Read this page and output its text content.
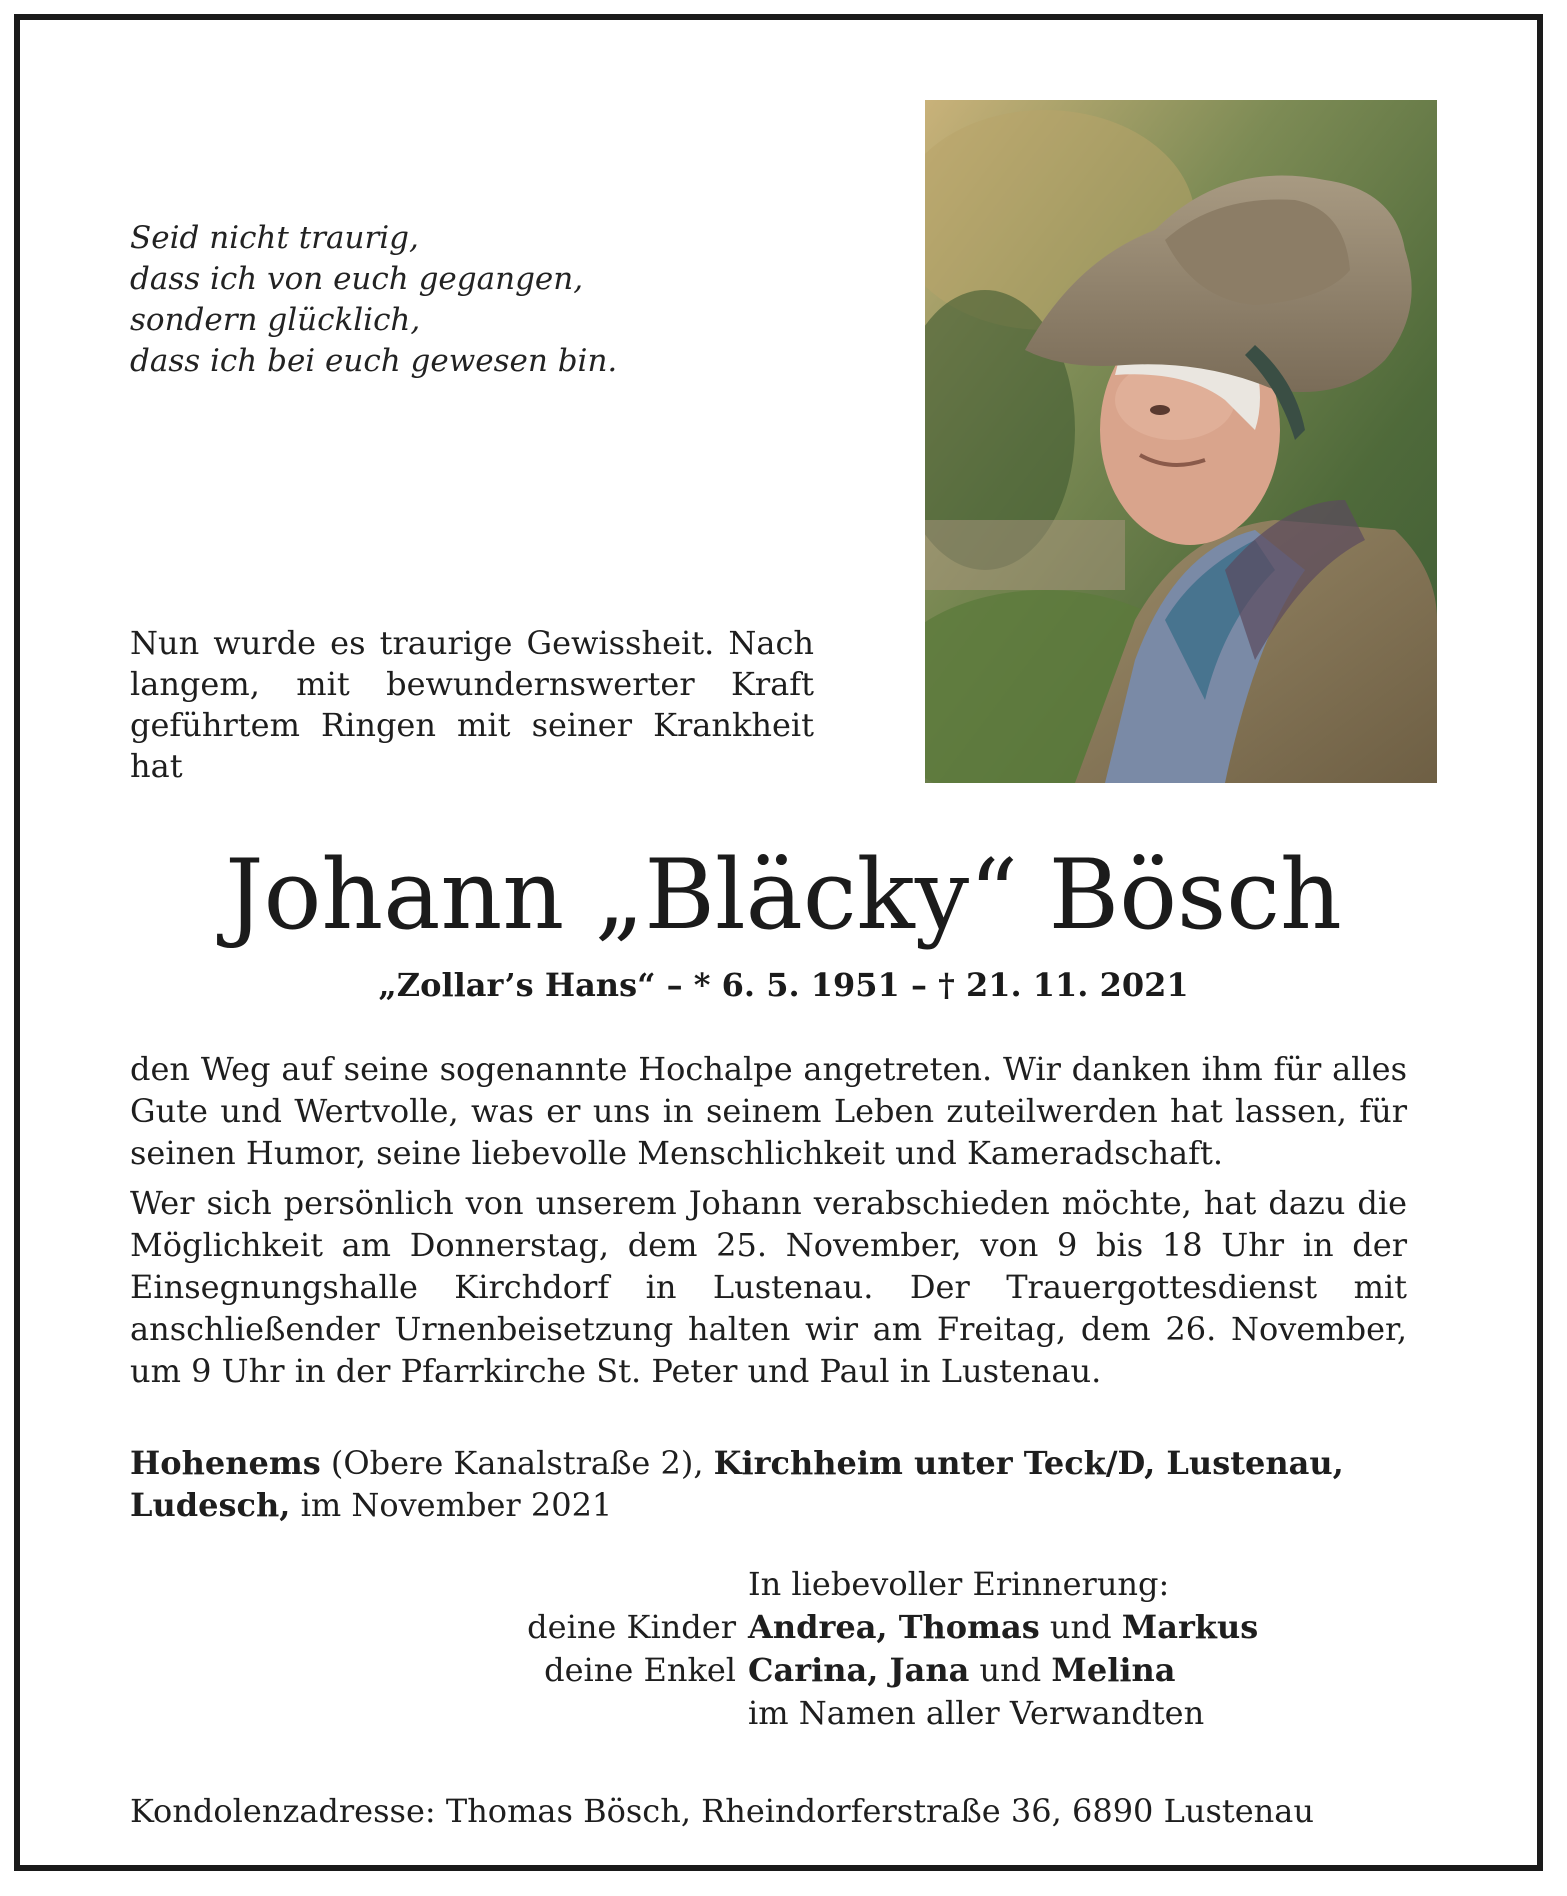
Seid nicht traurig,
dass ich von euch gegangen,
sondern glücklich,
dass ich bei euch gewesen bin.
Nun wurde es traurige Gewissheit. Nach langem, mit bewundernswerter Kraft geführtem Ringen mit seiner Krankheit hat
Johann „Bläcky“ Bösch
„Zollar’s Hans“ – * 6. 5. 1951 – † 21. 11. 2021

den Weg auf seine sogenannte Hochalpe angetreten. Wir danken ihm für alles Gute und Wertvolle, was er uns in seinem Leben zuteilwerden hat lassen, für seinen Humor, seine liebevolle Menschlichkeit und Kameradschaft.

Wer sich persönlich von unserem Johann verabschieden möchte, hat dazu die Möglichkeit am Donnerstag, dem 25. November, von 9 bis 18 Uhr in der Einsegnungshalle Kirchdorf in Lustenau. Der Trauergottesdienst mit anschließender Urnenbeisetzung halten wir am Freitag, dem 26. November, um 9 Uhr in der Pfarrkirche St. Peter und Paul in Lustenau.

Hohenems (Obere Kanalstraße 2), Kirchheim unter Teck/D, Lustenau, Ludesch, im November 2021
In liebevoller Erinnerung:
deine Kinder Andrea, Thomas und Markus
deine Enkel Carina, Jana und Melina
im Namen aller Verwandten
Kondolenzadresse: Thomas Bösch, Rheindorferstraße 36, 6890 Lustenau
